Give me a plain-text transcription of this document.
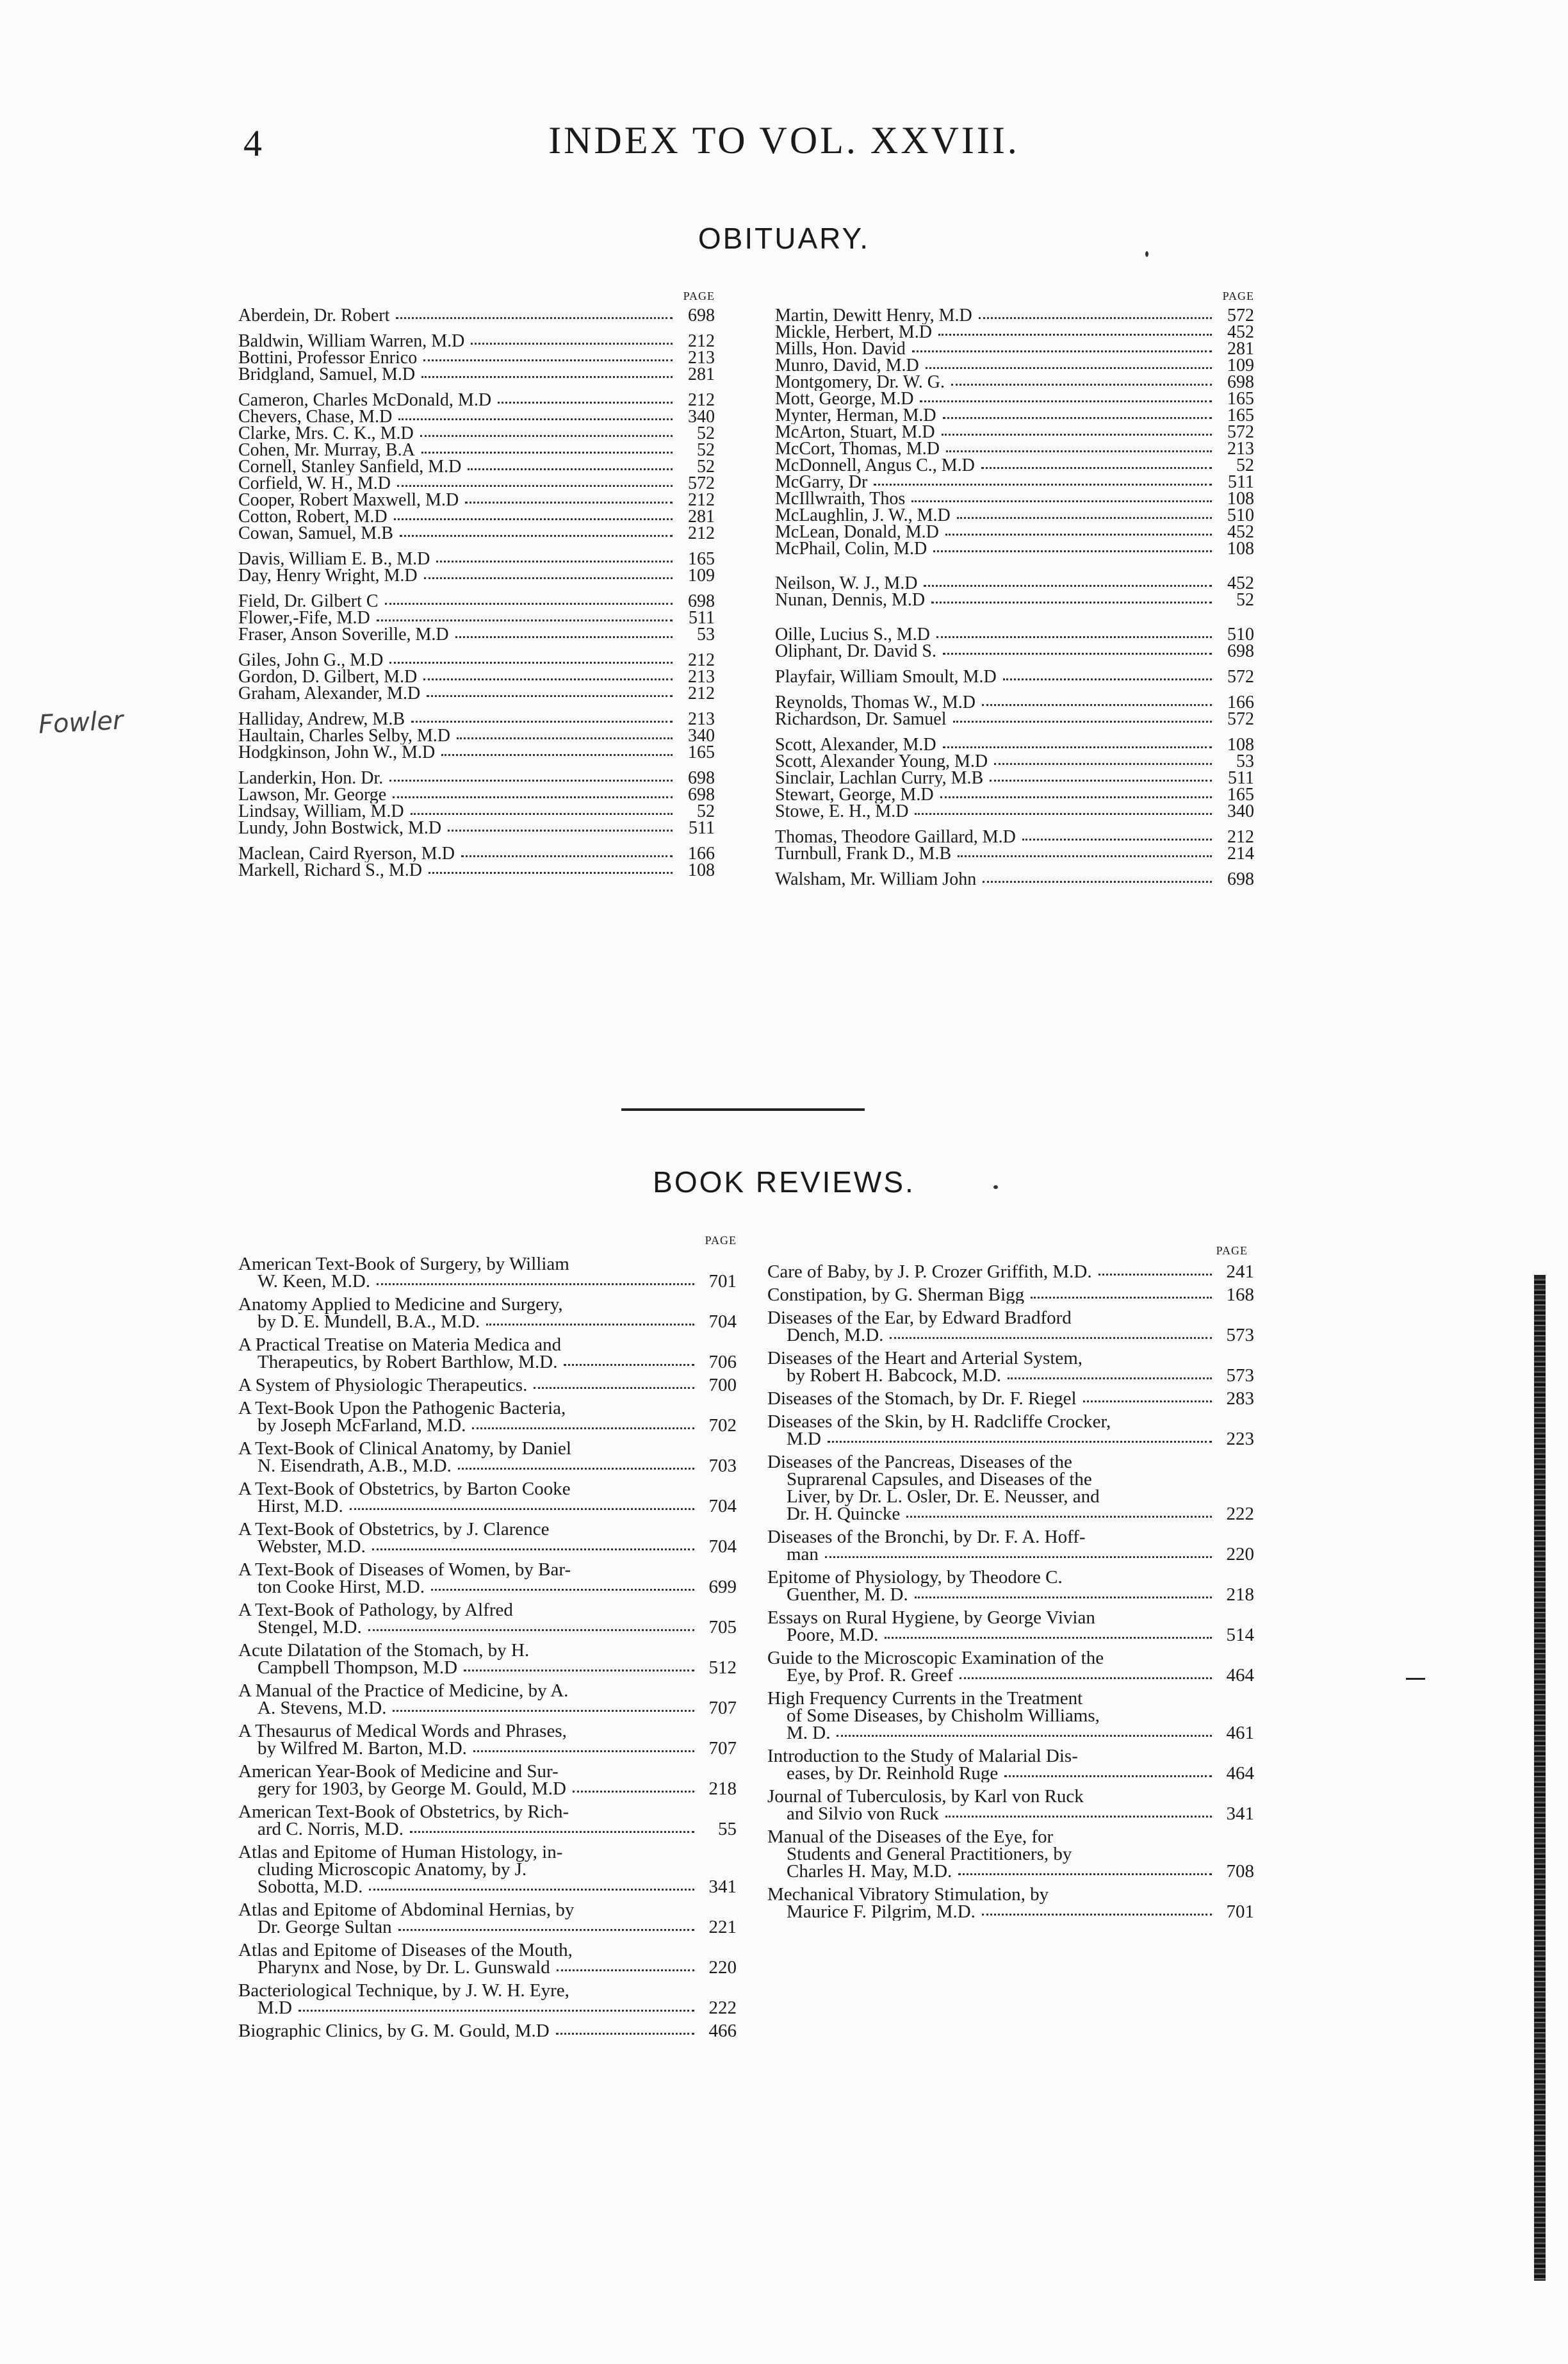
4	INDEX TO VOL. XXVIII.
Fowler
OBITUARY.
PAGE	PAGE
Aberdein, Dr. Robert	698
Baldwin, William Warren, M.D	212
Bottini, Professor Enrico	213
Bridgland, Samuel, M.D	281
Cameron, Charles McDonald, M.D	212
Chevers, Chase, M.D	340
Clarke, Mrs. C. K., M.D	52
Cohen, Mr. Murray, B.A	52
Cornell, Stanley Sanfield, M.D	52
Corfield, W. H., M.D	572
Cooper, Robert Maxwell, M.D	212
Cotton, Robert, M.D	281
Cowan, Samuel, M.B	212
Davis, William E. B., M.D	165
Day, Henry Wright, M.D	109
Field, Dr. Gilbert C	698
Flower,-Fife, M.D	511
Fraser, Anson Soverille, M.D	53
Giles, John G., M.D	212
Gordon, D. Gilbert, M.D	213
Graham, Alexander, M.D	212
Halliday, Andrew, M.B	213
Haultain, Charles Selby, M.D	340
Hodgkinson, John W., M.D	165
Landerkin, Hon. Dr.	698
Lawson, Mr. George	698
Lindsay, William, M.D	52
Lundy, John Bostwick, M.D	511
Maclean, Caird Ryerson, M.D	166
Markell, Richard S., M.D	108
Martin, Dewitt Henry, M.D	572
Mickle, Herbert, M.D	452
Mills, Hon. David	281
Munro, David, M.D	109
Montgomery, Dr. W. G.	698
Mott, George, M.D	165
Mynter, Herman, M.D	165
McArton, Stuart, M.D	572
McCort, Thomas, M.D	213
McDonnell, Angus C., M.D	52
McGarry, Dr	511
McIllwraith, Thos	108
McLaughlin, J. W., M.D	510
McLean, Donald, M.D	452
McPhail, Colin, M.D	108
Neilson, W. J., M.D	452
Nunan, Dennis, M.D	52
Oille, Lucius S., M.D	510
Oliphant, Dr. David S.	698
Playfair, William Smoult, M.D	572
Reynolds, Thomas W., M.D	166
Richardson, Dr. Samuel	572
Scott, Alexander, M.D	108
Scott, Alexander Young, M.D	53
Sinclair, Lachlan Curry, M.B	511
Stewart, George, M.D	165
Stowe, E. H., M.D	340
Thomas, Theodore Gaillard, M.D	212
Turnbull, Frank D., M.B	214
Walsham, Mr. William John	698
BOOK REVIEWS.
PAGE
PAGE
American Text-Book of Surgery, by William
W. Keen, M.D.	701
Anatomy Applied to Medicine and Surgery,
by D. E. Mundell, B.A., M.D.	704
A Practical Treatise on Materia Medica and
Therapeutics, by Robert Barthlow, M.D.	706
A System of Physiologic Therapeutics.	700
A Text-Book Upon the Pathogenic Bacteria,
by Joseph McFarland, M.D.	702
A Text-Book of Clinical Anatomy, by Daniel
N. Eisendrath, A.B., M.D.	703
A Text-Book of Obstetrics, by Barton Cooke
Hirst, M.D.	704
A Text-Book of Obstetrics, by J. Clarence
Webster, M.D.	704
A Text-Book of Diseases of Women, by Bar-
ton Cooke Hirst, M.D.	699
A Text-Book of Pathology, by Alfred
Stengel, M.D.	705
Acute Dilatation of the Stomach, by H.
Campbell Thompson, M.D	512
A Manual of the Practice of Medicine, by A.
A. Stevens, M.D.	707
A Thesaurus of Medical Words and Phrases,
by Wilfred M. Barton, M.D.	707
American Year-Book of Medicine and Sur-
gery for 1903, by George M. Gould, M.D	218
American Text-Book of Obstetrics, by Rich-
ard C. Norris, M.D.	55
Atlas and Epitome of Human Histology, in-
cluding Microscopic Anatomy, by J.
Sobotta, M.D.	341
Atlas and Epitome of Abdominal Hernias, by
Dr. George Sultan	221
Atlas and Epitome of Diseases of the Mouth,
Pharynx and Nose, by Dr. L. Gunswald	220
Bacteriological Technique, by J. W. H. Eyre,
M.D	222
Biographic Clinics, by G. M. Gould, M.D	466
Care of Baby, by J. P. Crozer Griffith, M.D.	241
Constipation, by G. Sherman Bigg	168
Diseases of the Ear, by Edward Bradford
Dench, M.D.	573
Diseases of the Heart and Arterial System,
by Robert H. Babcock, M.D.	573
Diseases of the Stomach, by Dr. F. Riegel	283
Diseases of the Skin, by H. Radcliffe Crocker,
M.D	223
Diseases of the Pancreas, Diseases of the
Suprarenal Capsules, and Diseases of the
Liver, by Dr. L. Osler, Dr. E. Neusser, and
Dr. H. Quincke	222
Diseases of the Bronchi, by Dr. F. A. Hoff-
man	220
Epitome of Physiology, by Theodore C.
Guenther, M. D.	218
Essays on Rural Hygiene, by George Vivian
Poore, M.D.	514
Guide to the Microscopic Examination of the
Eye, by Prof. R. Greef	464
High Frequency Currents in the Treatment
of Some Diseases, by Chisholm Williams,
M. D.	461
Introduction to the Study of Malarial Dis-
eases, by Dr. Reinhold Ruge	464
Journal of Tuberculosis, by Karl von Ruck
and Silvio von Ruck	341
Manual of the Diseases of the Eye, for
Students and General Practitioners, by
Charles H. May, M.D.	708
Mechanical Vibratory Stimulation, by
Maurice F. Pilgrim, M.D.	701
